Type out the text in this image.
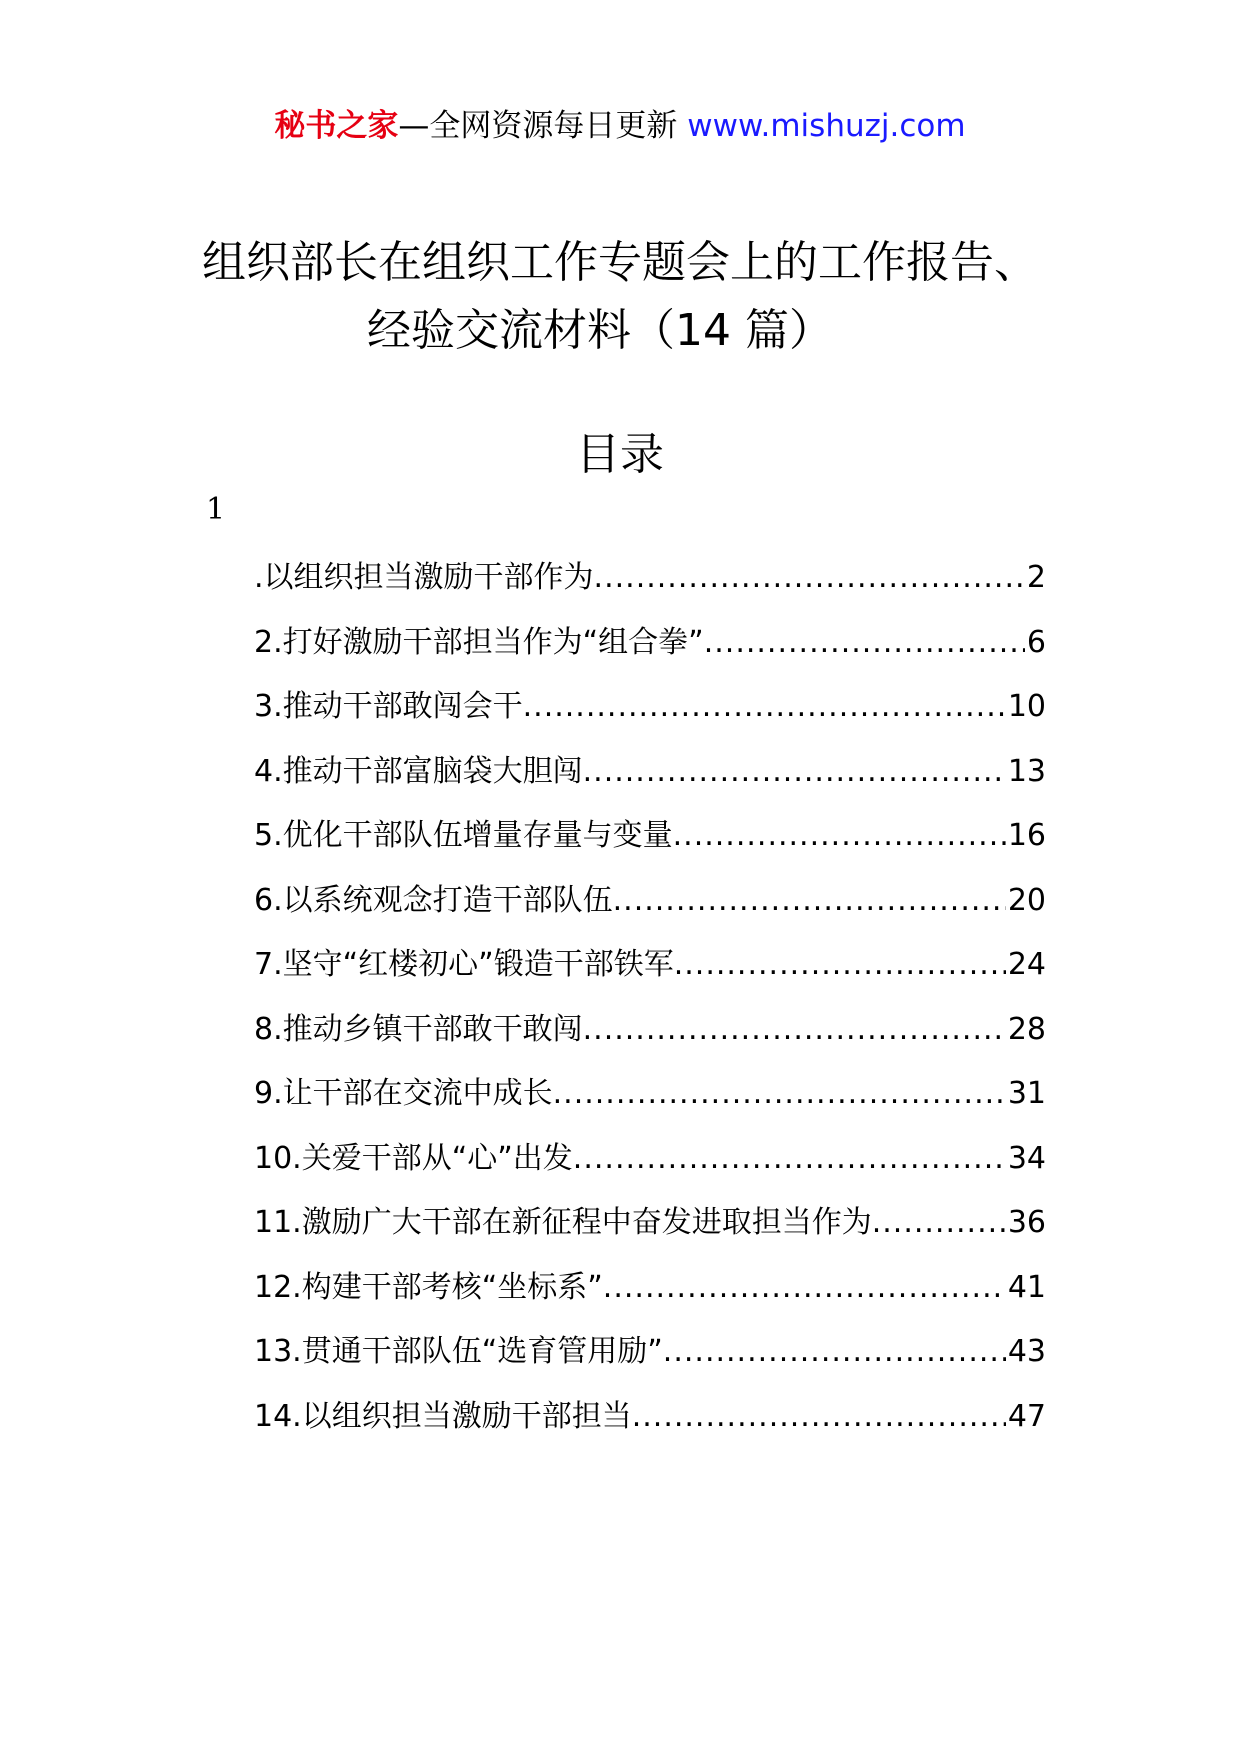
秘书之家—全网资源每日更新 www.mishuzj.com
组织部长在组织工作专题会上的工作报告、
经验交流材料（14 篇）
目录
1
.以组织担当激励干部作为 .....	2
2.打好激励干部担当作为“组合拳” .....	6
3.推动干部敢闯会干 .....	10
4.推动干部富脑袋大胆闯 .....	13
5.优化干部队伍增量存量与变量 .....	16
6.以系统观念打造干部队伍 .....	20
7.坚守“红楼初心”锻造干部铁军 .....	24
8.推动乡镇干部敢干敢闯 .....	28
9.让干部在交流中成长 .....	31
10.关爱干部从“心”出发 .....	34
11.激励广大干部在新征程中奋发进取担当作为 .....	36
12.构建干部考核“坐标系” .....	41
13.贯通干部队伍“选育管用励” .....	43
14.以组织担当激励干部担当 .....	47
